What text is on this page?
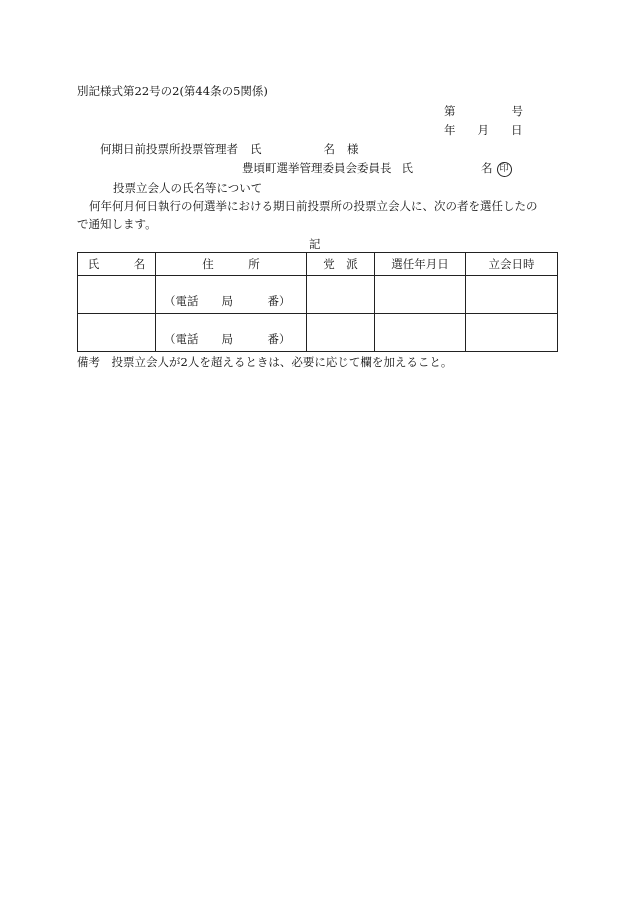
別記様式第22号の2(第44条の5関係)
第	号
年 月 日
何期日前投票所投票管理者 氏	名 様
豊頃町選挙管理委員会委員長 氏	名 印
投票立会人の氏名等について
何年何月何日執行の何選挙における期日前投票所の投票立会人に、次の者を選任したの
で通知します。
記
氏　　　名	住　　　所	党　派	選任年月日	立会日時

	（電話　　局　　　番）			

	（電話　　局　　　番）			

備考　投票立会人が2人を超えるときは、必要に応じて欄を加えること。
